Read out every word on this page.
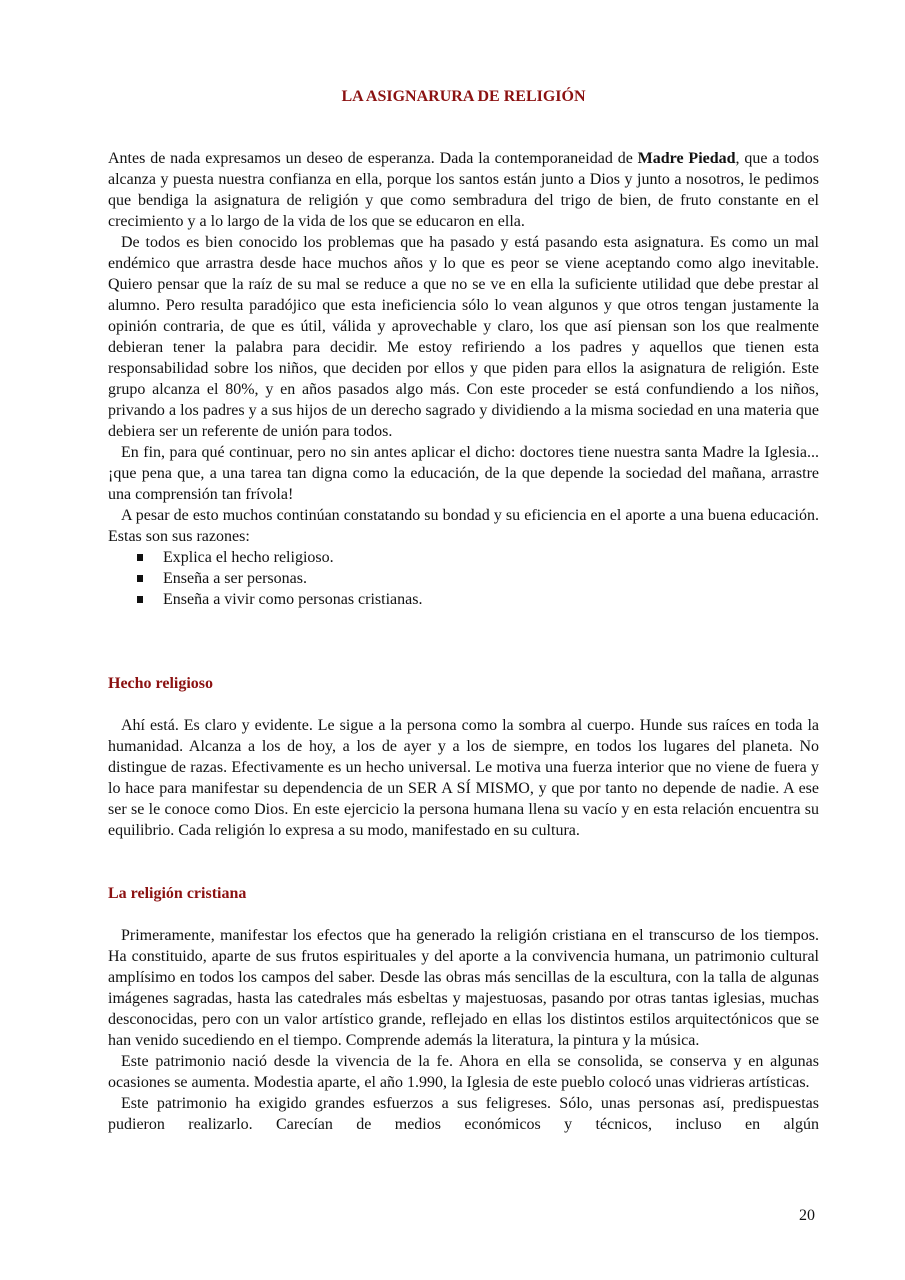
LA ASIGNARURA DE RELIGIÓN

Antes de nada expresamos un deseo de esperanza. Dada la contemporaneidad de Madre Piedad, que a todos alcanza y puesta nuestra confianza en ella, porque los santos están junto a Dios y junto a nosotros, le pedimos que bendiga la asignatura de religión y que como sembradura del trigo de bien, de fruto constante en el crecimiento y a lo largo de la vida de los que se educaron en ella.

De todos es bien conocido los problemas que ha pasado y está pasando esta asignatura. Es como un mal endémico que arrastra desde hace muchos años y lo que es peor se viene aceptando como algo inevitable. Quiero pensar que la raíz de su mal se reduce a que no se ve en ella la suficiente utilidad que debe prestar al alumno. Pero resulta paradójico que esta ineficiencia sólo lo vean algunos y que otros tengan justamente la opinión contraria, de que es útil, válida y aprovechable y claro, los que así piensan son los que realmente debieran tener la palabra para decidir. Me estoy refiriendo a los padres y aquellos que tienen esta responsabilidad sobre los niños, que deciden por ellos y que piden para ellos la asignatura de religión. Este grupo alcanza el 80%, y en años pasados algo más. Con este proceder se está confundiendo a los niños, privando a los padres y a sus hijos de un derecho sagrado y dividiendo a la misma sociedad en una materia que debiera ser un referente de unión para todos.

En fin, para qué continuar, pero no sin antes aplicar el dicho: doctores tiene nuestra santa Madre la Iglesia... ¡que pena que, a una tarea tan digna como la educación, de la que depende la sociedad del mañana, arrastre una comprensión tan frívola!

A pesar de esto muchos continúan constatando su bondad y su eficiencia en el aporte a una buena educación. Estas son sus razones:

Explica el hecho religioso.
Enseña a ser personas.
Enseña a vivir como personas cristianas.
Hecho religioso

Ahí está. Es claro y evidente. Le sigue a la persona como la sombra al cuerpo. Hunde sus raíces en toda la humanidad. Alcanza a los de hoy, a los de ayer y a los de siempre, en todos los lugares del planeta. No distingue de razas. Efectivamente es un hecho universal. Le motiva una fuerza interior que no viene de fuera y lo hace para manifestar su dependencia de un SER A SÍ MISMO, y que por tanto no depende de nadie. A ese ser se le conoce como Dios. En este ejercicio la persona humana llena su vacío y en esta relación encuentra su equilibrio. Cada religión lo expresa a su modo, manifestado en su cultura.

La religión cristiana

Primeramente, manifestar los efectos que ha generado la religión cristiana en el transcurso de los tiempos. Ha constituido, aparte de sus frutos espirituales y del aporte a la convivencia humana, un patrimonio cultural amplísimo en todos los campos del saber. Desde las obras más sencillas de la escultura, con la talla de algunas imágenes sagradas, hasta las catedrales más esbeltas y majestuosas, pasando por otras tantas iglesias, muchas desconocidas, pero con un valor artístico grande, reflejado en ellas los distintos estilos arquitectónicos que se han venido sucediendo en el tiempo. Comprende además la literatura, la pintura y la música.

Este patrimonio nació desde la vivencia de la fe. Ahora en ella se consolida, se conserva y en algunas ocasiones se aumenta. Modestia aparte, el año 1.990, la Iglesia de este pueblo colocó unas vidrieras artísticas.

Este patrimonio ha exigido grandes esfuerzos a sus feligreses. Sólo, unas personas así, predispuestas pudieron realizarlo. Carecían de medios económicos y técnicos, incluso en algún

20
